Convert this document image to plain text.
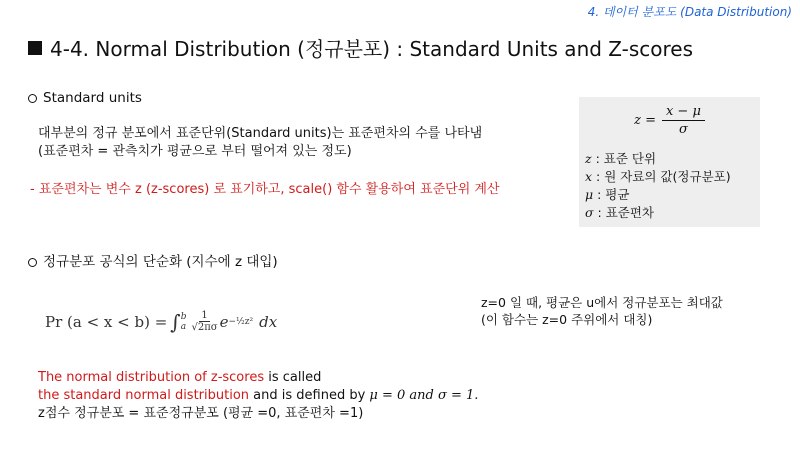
4. 데이터 분포도 (Data Distribution)
4-4. Normal Distribution (정규분포) : Standard Units and Z-scores
Standard units
대부분의 정규 분포에서 표준단위(Standard units)는 표준편차의 수를 나타냄
(표준편차 = 관측치가 평균으로 부터 떨어져 있는 정도)
- 표준편차는 변수 z (z-scores) 로 표기하고, scale() 함수 활용하여 표준단위 계산
$z = \frac{x - \mu}{\sigma}$
z : 표준 단위
x : 원 자료의 값(정규분포)
μ : 평균
σ : 표준편차
정규분포 공식의 단순화 (지수에 z 대입)
Pr (a < x < b) = ∫ b
a $\frac{1}{√2\pi\sigma}$ e −½z² dx
z=0 일 때, 평균은 u에서 정규분포는 최대값
(이 함수는 z=0 주위에서 대칭)
The normal distribution of z-scores is called
the standard normal distribution and is defined by μ = 0 and σ = 1.
z점수 정규분포 = 표준정규분포 (평균 =0, 표준편차 =1)
